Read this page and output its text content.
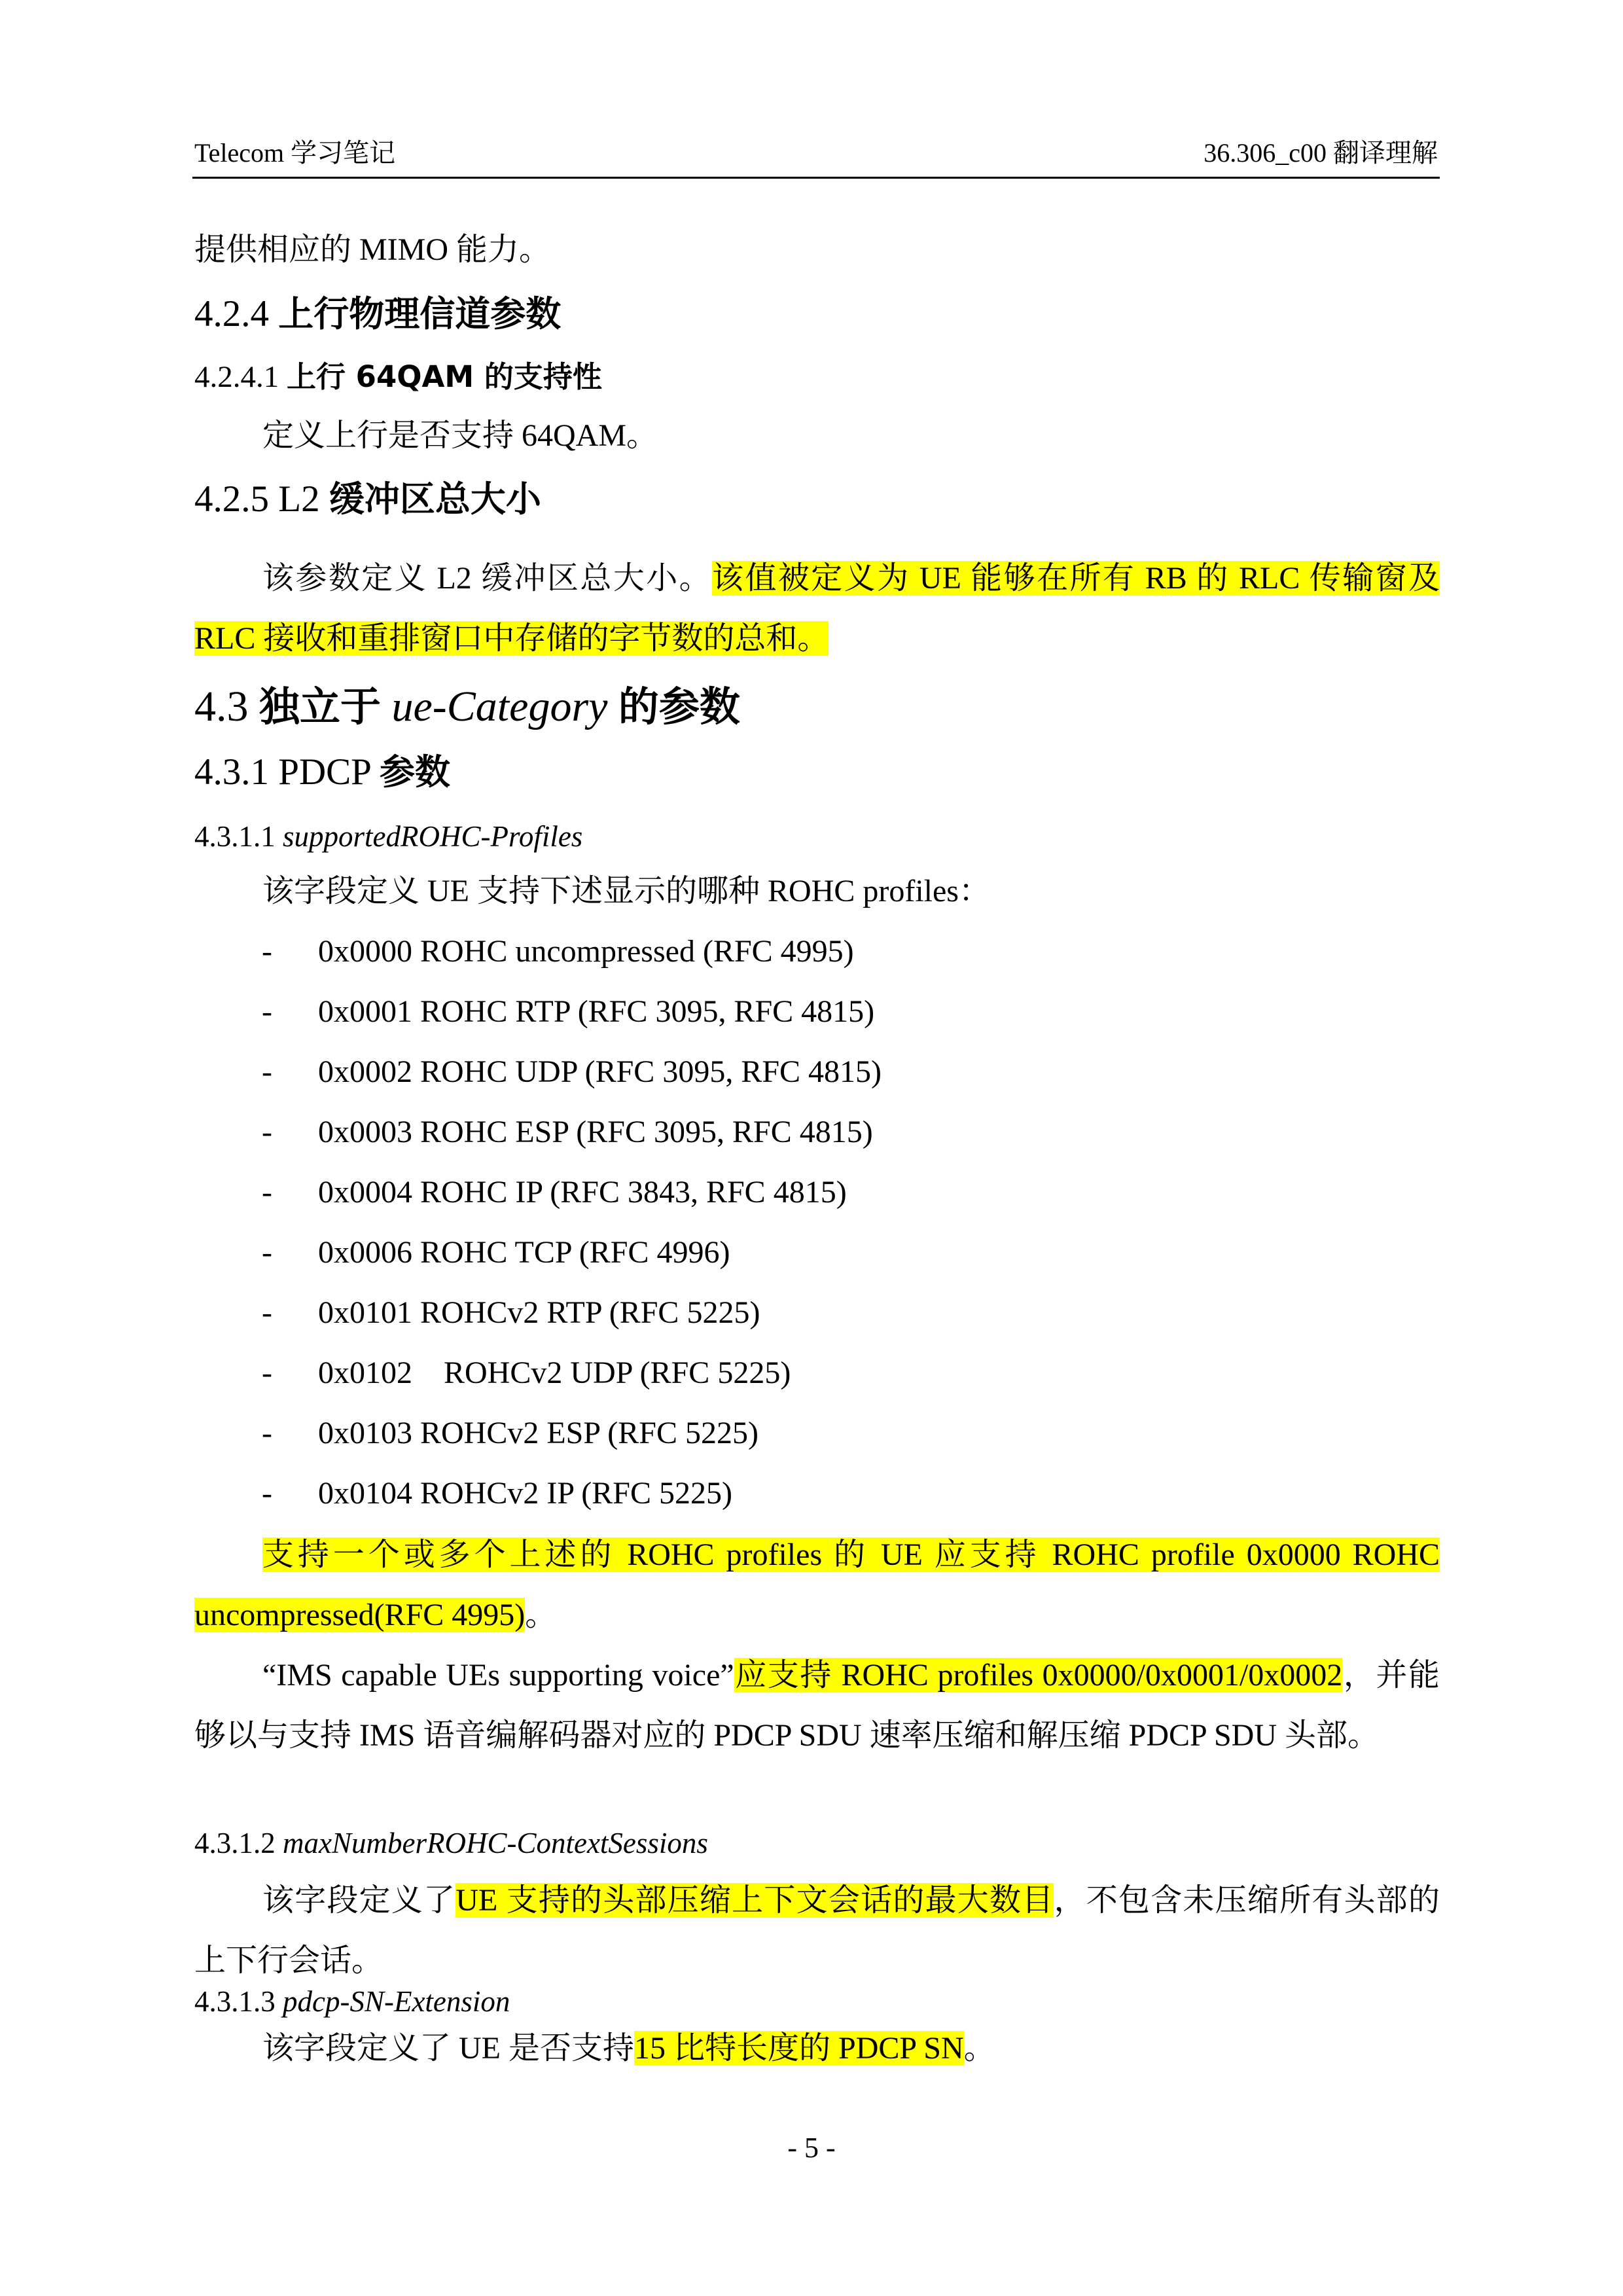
Telecom 学习笔记	36.306_c00 翻译理解
提供相应的 MIMO 能力。
4.2.4 上行物理信道参数
4.2.4.1 上行 64QAM 的支持性
定义上行是否支持 64QAM。
4.2.5 L2 缓冲区总大小
该参数定义 L2 缓冲区总大小。该值被定义为 UE 能够在所有 RB 的 RLC 传输窗及 RLC 接收和重排窗口中存储的字节数的总和。
4.3 独立于 ue-Category 的参数
4.3.1 PDCP 参数
4.3.1.1 supportedROHC-Profiles
该字段定义 UE 支持下述显示的哪种 ROHC profiles：
- 0x0000 ROHC uncompressed (RFC 4995)
- 0x0001 ROHC RTP (RFC 3095, RFC 4815)
- 0x0002 ROHC UDP (RFC 3095, RFC 4815)
- 0x0003 ROHC ESP (RFC 3095, RFC 4815)
- 0x0004 ROHC IP (RFC 3843, RFC 4815)
- 0x0006 ROHC TCP (RFC 4996)
- 0x0101 ROHCv2 RTP (RFC 5225)
- 0x0102    ROHCv2 UDP (RFC 5225)
- 0x0103 ROHCv2 ESP (RFC 5225)
- 0x0104 ROHCv2 IP (RFC 5225)
支持一个或多个上述的 ROHC profiles 的 UE 应支持 ROHC profile 0x0000 ROHC uncompressed(RFC 4995)。
“IMS capable UEs supporting voice”应支持 ROHC profiles 0x0000/0x0001/0x0002，并能够以与支持 IMS 语音编解码器对应的 PDCP SDU 速率压缩和解压缩 PDCP SDU 头部。
4.3.1.2 maxNumberROHC-ContextSessions
该字段定义了UE 支持的头部压缩上下文会话的最大数目，不包含未压缩所有头部的上下行会话。
4.3.1.3 pdcp-SN-Extension
该字段定义了 UE 是否支持15 比特长度的 PDCP SN。
- 5 -
